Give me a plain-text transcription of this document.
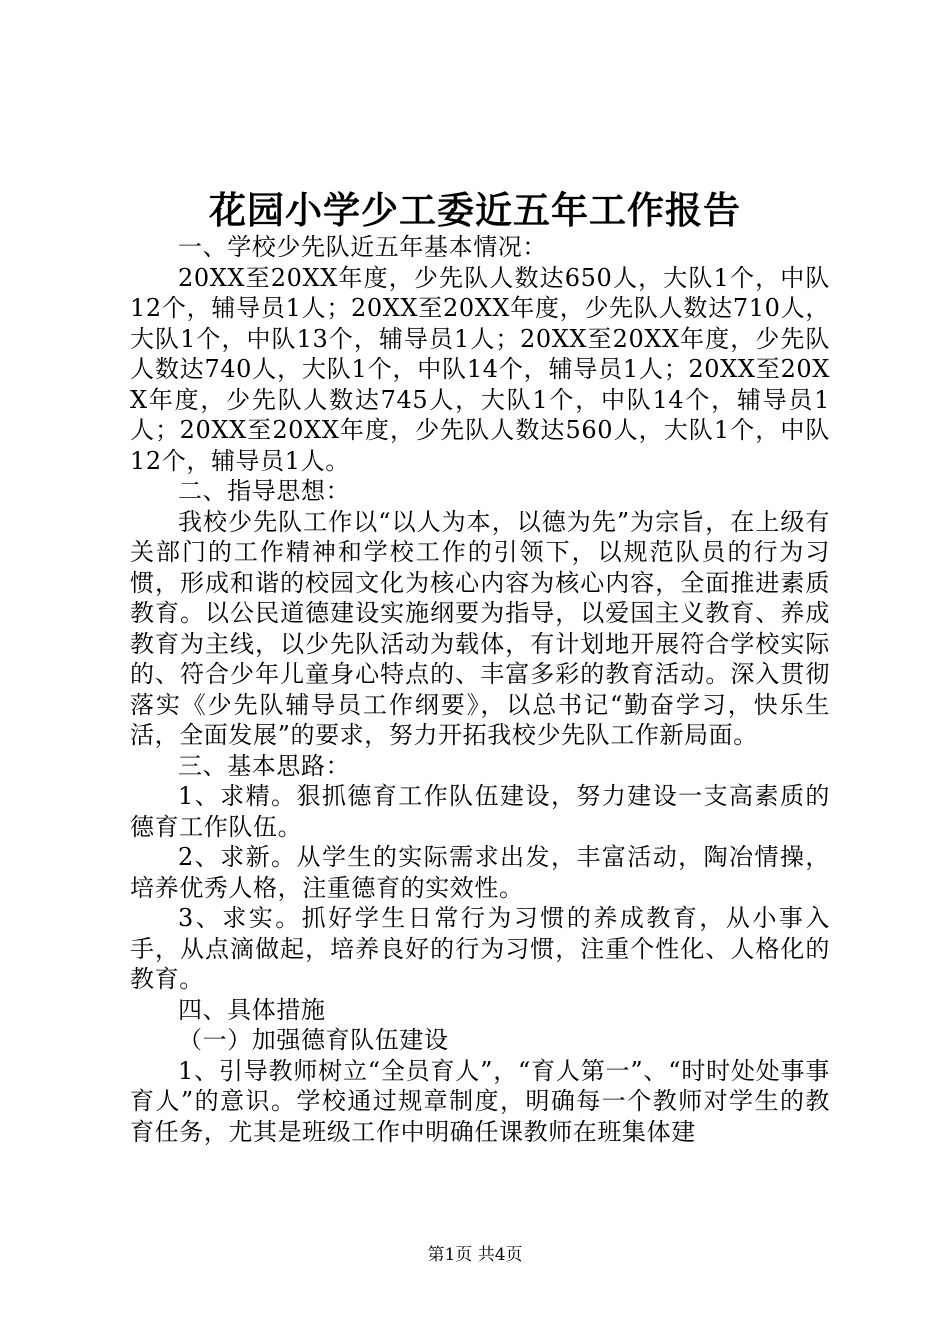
花园小学少工委近五年工作报告

一、学校少先队近五年基本情况：

20XX至20XX年度，少先队人数达650人，大队1个，中队12个，辅导员1人；20XX至20XX年度，少先队人数达710人，大队1个，中队13个，辅导员1人；20XX至20XX年度，少先队人数达740人，大队1个，中队14个，辅导员1人；20XX至20XX年度，少先队人数达745人，大队1个，中队14个，辅导员1人；20XX至20XX年度，少先队人数达560人，大队1个，中队12个，辅导员1人。

二、指导思想：

我校少先队工作以“以人为本，以德为先”为宗旨，在上级有关部门的工作精神和学校工作的引领下，以规范队员的行为习惯，形成和谐的校园文化为核心内容为核心内容，全面推进素质教育。以公民道德建设实施纲要为指导，以爱国主义教育、养成教育为主线，以少先队活动为载体，有计划地开展符合学校实际的、符合少年儿童身心特点的、丰富多彩的教育活动。深入贯彻落实《少先队辅导员工作纲要》，以总书记“勤奋学习，快乐生活，全面发展”的要求，努力开拓我校少先队工作新局面。

三、基本思路：

1、求精。狠抓德育工作队伍建设，努力建设一支高素质的德育工作队伍。

2、求新。从学生的实际需求出发，丰富活动，陶冶情操，培养优秀人格，注重德育的实效性。

3、求实。抓好学生日常行为习惯的养成教育，从小事入手，从点滴做起，培养良好的行为习惯，注重个性化、人格化的教育。

四、具体措施

（一）加强德育队伍建设

1、引导教师树立“全员育人”，“育人第一”、“时时处处事事育人”的意识。学校通过规章制度，明确每一个教师对学生的教育任务，尤其是班级工作中明确任课教师在班集体建

第1页 共4页
